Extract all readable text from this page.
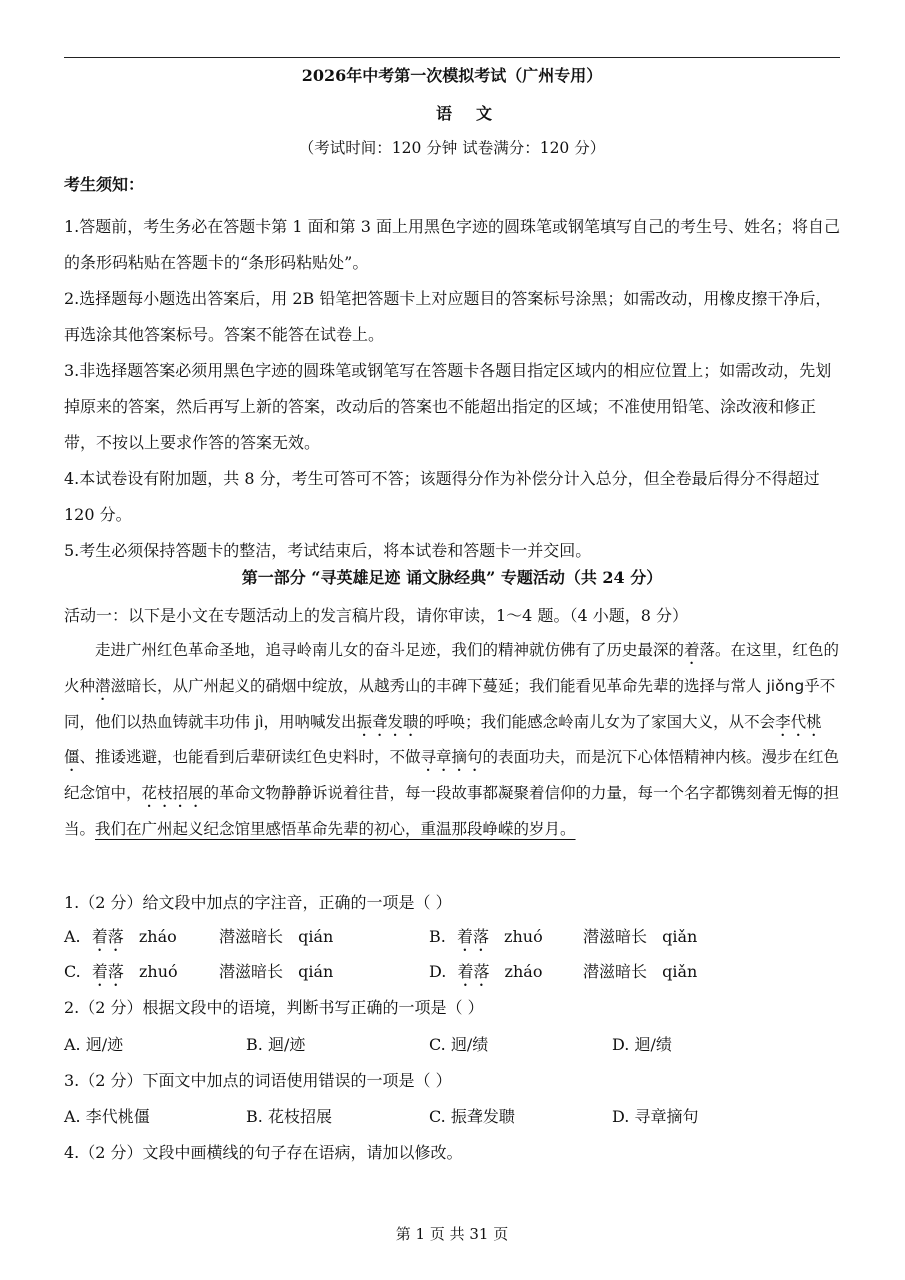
2026年中考第一次模拟考试（广州专用）
语文
（考试时间：120 分钟 试卷满分：120 分）
考生须知：

1.答题前，考生务必在答题卡第 1 面和第 3 面上用黑色字迹的圆珠笔或钢笔填写自己的考生号、姓名；将自己的条形码粘贴在答题卡的“条形码粘贴处”。

2.选择题每小题选出答案后，用 2B 铅笔把答题卡上对应题目的答案标号涂黑；如需改动，用橡皮擦干净后，再选涂其他答案标号。答案不能答在试卷上。

3.非选择题答案必须用黑色字迹的圆珠笔或钢笔写在答题卡各题目指定区域内的相应位置上；如需改动，先划掉原来的答案，然后再写上新的答案，改动后的答案也不能超出指定的区域；不准使用铅笔、涂改液和修正带，不按以上要求作答的答案无效。

4.本试卷设有附加题，共 8 分，考生可答可不答；该题得分作为补偿分计入总分，但全卷最后得分不得超过 120 分。

5.考生必须保持答题卡的整洁，考试结束后，将本试卷和答题卡一并交回。

第一部分 “寻英雄足迹 诵文脉经典” 专题活动（共 24 分）
活动一：以下是小文在专题活动上的发言稿片段，请你审读，1～4 题。（4 小题，8 分）

走进广州红色革命圣地，追寻岭南儿女的奋斗足迹，我们的精神就仿佛有了历史最深的着落。在这里，红色的火种潜滋暗长，从广州起义的硝烟中绽放，从越秀山的丰碑下蔓延；我们能看见革命先辈的选择与常人 jiǒng乎不同，他们以热血铸就丰功伟 jì，用呐喊发出振聋发聩的呼唤；我们能感念岭南儿女为了家国大义，从不会李代桃僵、推诿逃避，也能看到后辈研读红色史料时，不做寻章摘句的表面功夫，而是沉下心体悟精神内核。漫步在红色纪念馆中，花枝招展的革命文物静静诉说着往昔，每一段故事都凝聚着信仰的力量，每一个名字都镌刻着无悔的担当。我们在广州起义纪念馆里感悟革命先辈的初心，重温那段峥嵘的岁月。

1.（2 分）给文段中加点的字注音，正确的一项是（ ）
A. 着落 zháo	潜滋暗长 qián	B. 着落 zhuó	潜滋暗长 qiǎn
C. 着落 zhuó	潜滋暗长 qián	D. 着落 zháo	潜滋暗长 qiǎn
2.（2 分）根据文段中的语境，判断书写正确的一项是（ ）
A. 迥/迹	B. 迴/迹	C. 迥/绩	D. 迴/绩
3.（2 分）下面文中加点的词语使用错误的一项是（ ）
A. 李代桃僵	B. 花枝招展	C. 振聋发聩	D. 寻章摘句
4.（2 分）文段中画横线的句子存在语病，请加以修改。
第 1 页 共 31 页
